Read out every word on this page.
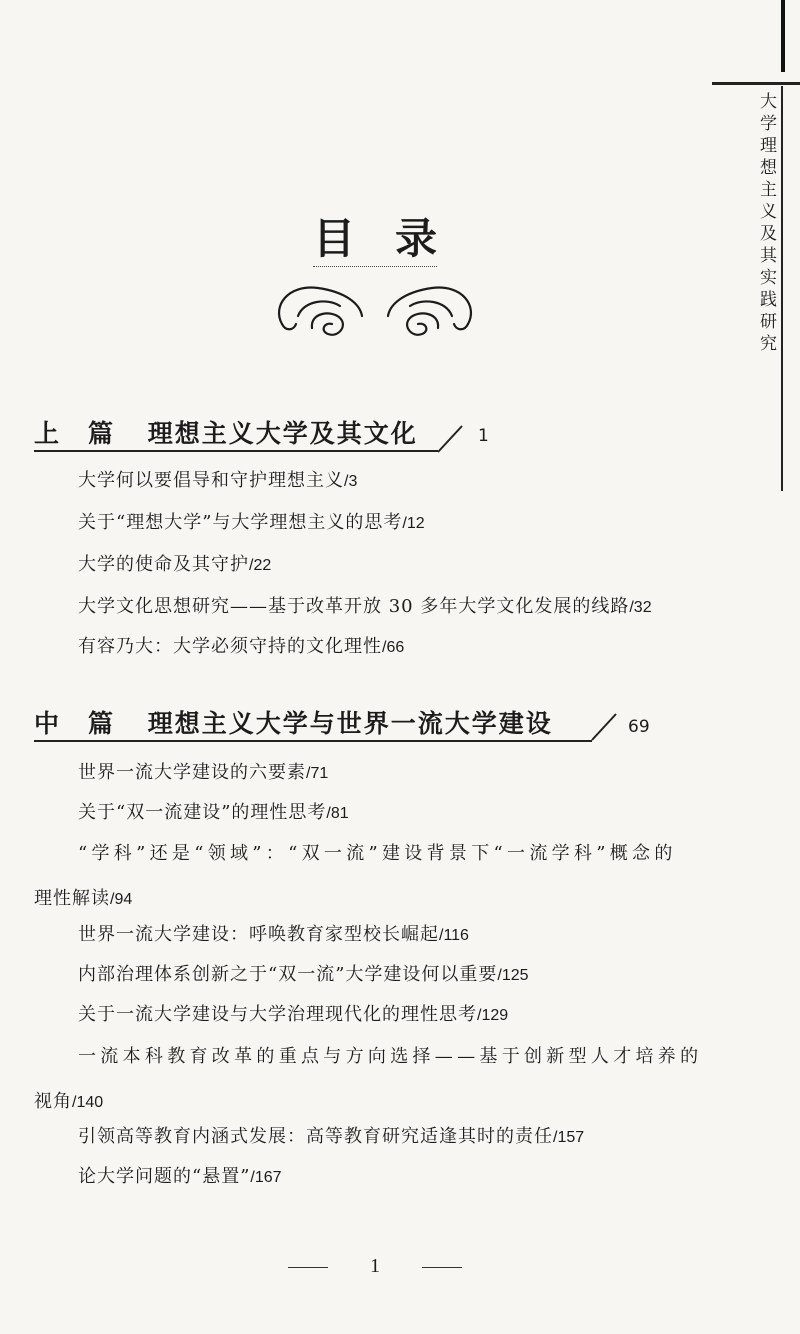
大学理想主义及其实践研究
目录
上　篇 理想主义大学及其文化	1
大学何以要倡导和守护理想主义/3
关于“理想大学”与大学理想主义的思考/12
大学的使命及其守护/22
大学文化思想研究——基于改革开放 30 多年大学文化发展的线路/32
有容乃大：大学必须守持的文化理性/66
中　篇 理想主义大学与世界一流大学建设	69
世界一流大学建设的六要素/71
关于“双一流建设”的理性思考/81
“学科”还是“领域”：“双一流”建设背景下“一流学科”概念的
理性解读/94
世界一流大学建设：呼唤教育家型校长崛起/116
内部治理体系创新之于“双一流”大学建设何以重要/125
关于一流大学建设与大学治理现代化的理性思考/129
一流本科教育改革的重点与方向选择——基于创新型人才培养的
视角/140
引领高等教育内涵式发展：高等教育研究适逢其时的责任/157
论大学问题的“悬置”/167
1
